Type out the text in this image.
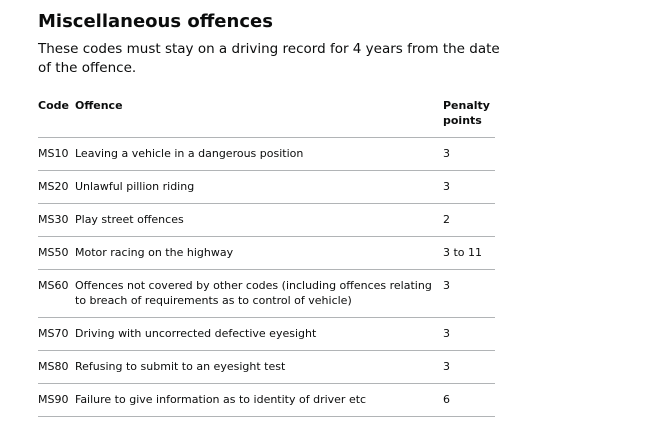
Miscellaneous offences

These codes must stay on a driving record for 4 years from the date of the offence.

Code	Offence	Penalty points
MS10	Leaving a vehicle in a dangerous position	3
MS20	Unlawful pillion riding	3
MS30	Play street offences	2
MS50	Motor racing on the highway	3 to 11
MS60	Offences not covered by other codes (including offences relating to breach of requirements as to control of vehicle)	3
MS70	Driving with uncorrected defective eyesight	3
MS80	Refusing to submit to an eyesight test	3
MS90	Failure to give information as to identity of driver etc	6
